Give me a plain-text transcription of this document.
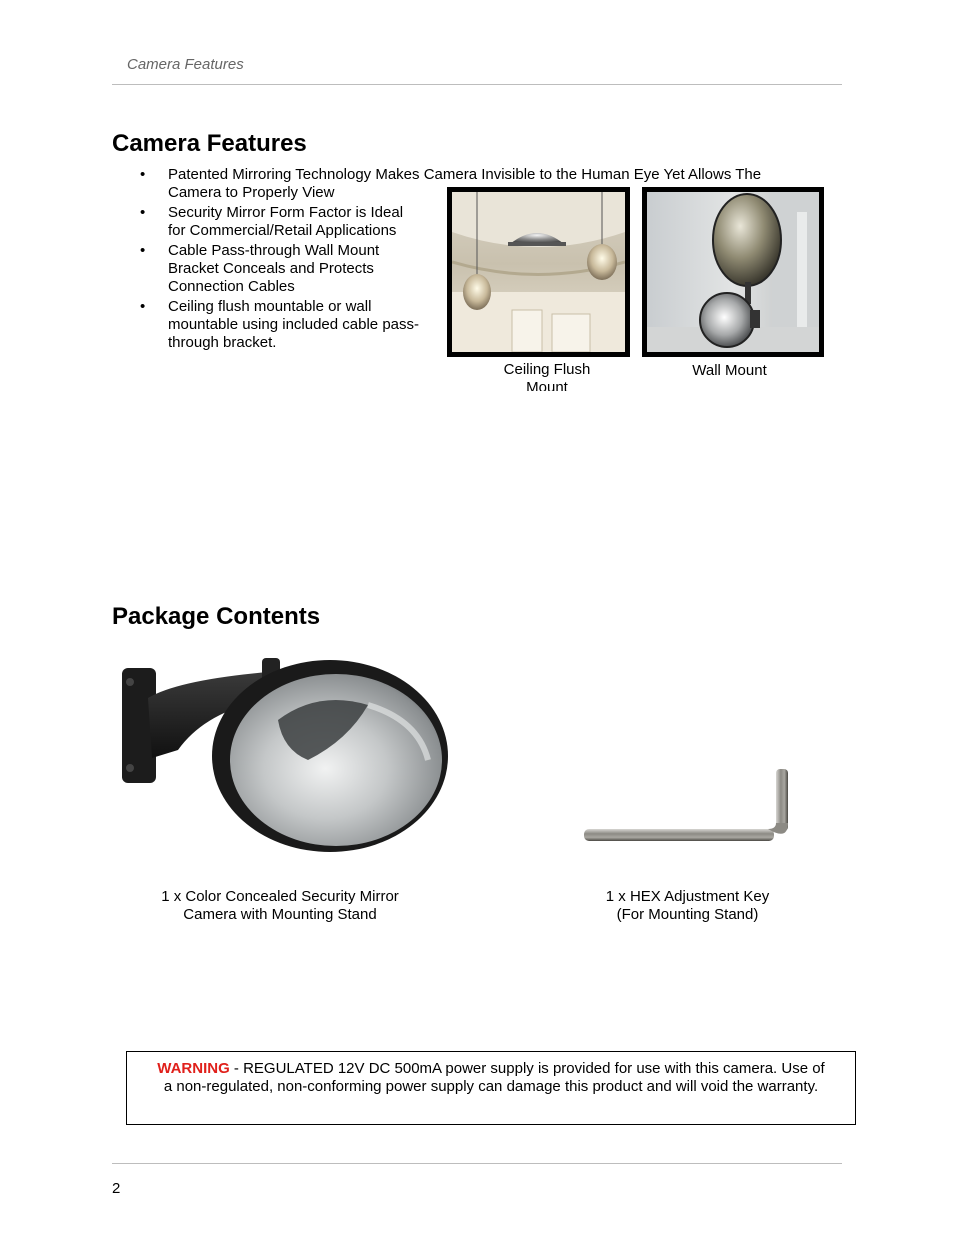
Camera Features
Camera Features
• Patented Mirroring Technology Makes Camera Invisible to the Human Eye Yet Allows The
Camera to Properly View
• Security Mirror Form Factor is Ideal
for Commercial/Retail Applications
• Cable Pass-through Wall Mount
Bracket Conceals and Protects
Connection Cables
• Ceiling flush mountable or wall
mountable using included cable pass-
through bracket.
Ceiling Flush
Mount
Wall Mount
Package Contents
1 x Color Concealed Security Mirror
Camera with Mounting Stand
1 x HEX Adjustment Key
(For Mounting Stand)
WARNING - REGULATED 12V DC 500mA power supply is provided for use with this camera. Use of
a non-regulated, non-conforming power supply can damage this product and will void the warranty.
2
